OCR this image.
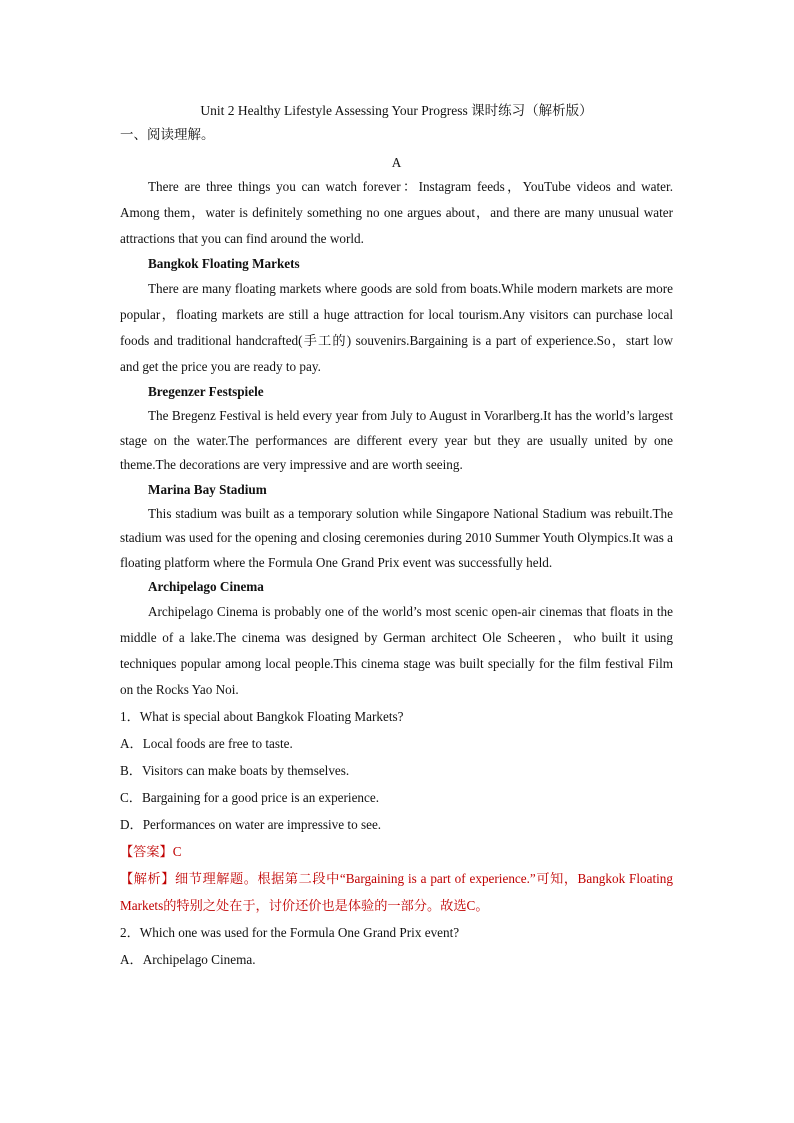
Unit 2 Healthy Lifestyle Assessing Your Progress 课时练习（解析版）
一、阅读理解。
A

There are three things you can watch forever：Instagram feeds，YouTube videos and water. Among them，water is definitely something no one argues about，and there are many unusual water attractions that you can find around the world.

Bangkok Floating Markets

There are many floating markets where goods are sold from boats.While modern markets are more popular，floating markets are still a huge attraction for local tourism.Any visitors can purchase local foods and traditional handcrafted(手工的) souvenirs.Bargaining is a part of experience.So，start low and get the price you are ready to pay.

Bregenzer Festspiele

The Bregenz Festival is held every year from July to August in Vorarlberg.It has the world’s largest stage on the water.The performances are different every year but they are usually united by one theme.The decorations are very impressive and are worth seeing.

Marina Bay Stadium

This stadium was built as a temporary solution while Singapore National Stadium was rebuilt.The stadium was used for the opening and closing ceremonies during 2010 Summer Youth Olympics.It was a floating platform where the Formula One Grand Prix event was successfully held.

Archipelago Cinema

Archipelago Cinema is probably one of the world’s most scenic open-air cinemas that floats in the middle of a lake.The cinema was designed by German architect Ole Scheeren，who built it using techniques popular among local people.This cinema stage was built specially for the film festival Film on the Rocks Yao Noi.

1．What is special about Bangkok Floating Markets?

A．Local foods are free to taste.

B．Visitors can make boats by themselves.

C．Bargaining for a good price is an experience.

D．Performances on water are impressive to see.

【答案】C

【解析】细节理解题。根据第二段中“Bargaining is a part of experience.”可知，Bangkok Floating Markets的特别之处在于，讨价还价也是体验的一部分。故选C。

2．Which one was used for the Formula One Grand Prix event?

A．Archipelago Cinema.
